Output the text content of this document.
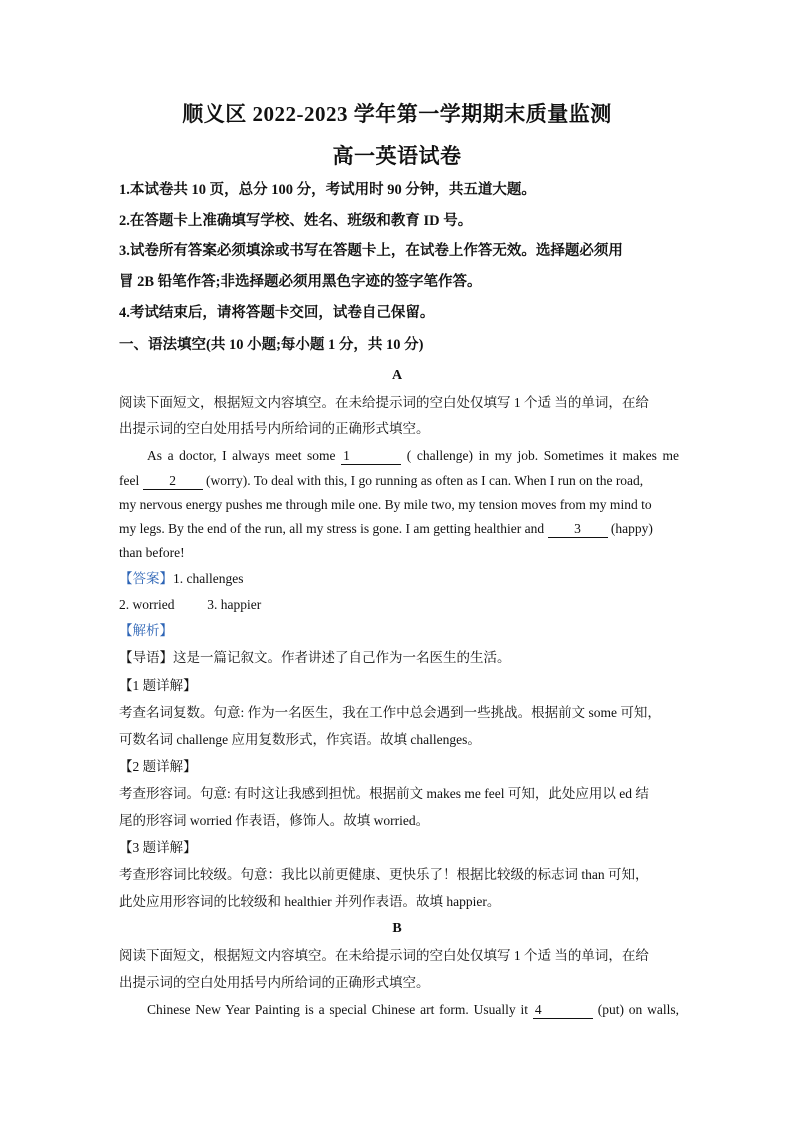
顺义区 2022-2023 学年第一学期期末质量监测
高一英语试卷
1.本试卷共 10 页，总分 100 分，考试用时 90 分钟，共五道大题。
2.在答题卡上准确填写学校、姓名、班级和教育 ID 号。
3.试卷所有答案必须填涂或书写在答题卡上，在试卷上作答无效。选择题必须用
冒 2B 铅笔作答;非选择题必须用黑色字迹的签字笔作答。
4.考试结束后，请将答题卡交回，试卷自己保留。
一、语法填空(共 10 小题;每小题 1 分，共 10 分)
A
阅读下面短文，根据短文内容填空。在未给提示词的空白处仅填写 1 个适 当的单词，在给
出提示词的空白处用括号内所给词的正确形式填空。
As a doctor, I always meet some 1	( challenge) in my job. Sometimes it makes me
feel 2 (worry). To deal with this, I go running as often as I can. When I run on the road,
my nervous energy pushes me through mile one. By mile two, my tension moves from my mind to
my legs. By the end of the run, all my stress is gone. I am getting healthier and 3 (happy)
than before!
【答案】1. challenges
2. worried 3. happier
【解析】
【导语】这是一篇记叙文。作者讲述了自己作为一名医生的生活。
【1 题详解】
考查名词复数。句意: 作为一名医生，我在工作中总会遇到一些挑战。根据前文 some 可知，
可数名词 challenge 应用复数形式，作宾语。故填 challenges。
【2 题详解】
考查形容词。句意: 有时这让我感到担忧。根据前文 makes me feel 可知，此处应用以 ed 结
尾的形容词 worried 作表语，修饰人。故填 worried。
【3 题详解】
考查形容词比较级。句意：我比以前更健康、更快乐了！根据比较级的标志词 than 可知，
此处应用形容词的比较级和 healthier 并列作表语。故填 happier。
B
阅读下面短文，根据短文内容填空。在未给提示词的空白处仅填写 1 个适 当的单词，在给
出提示词的空白处用括号内所给词的正确形式填空。
Chinese New Year Painting is a special Chinese art form. Usually it 4	(put) on walls,
